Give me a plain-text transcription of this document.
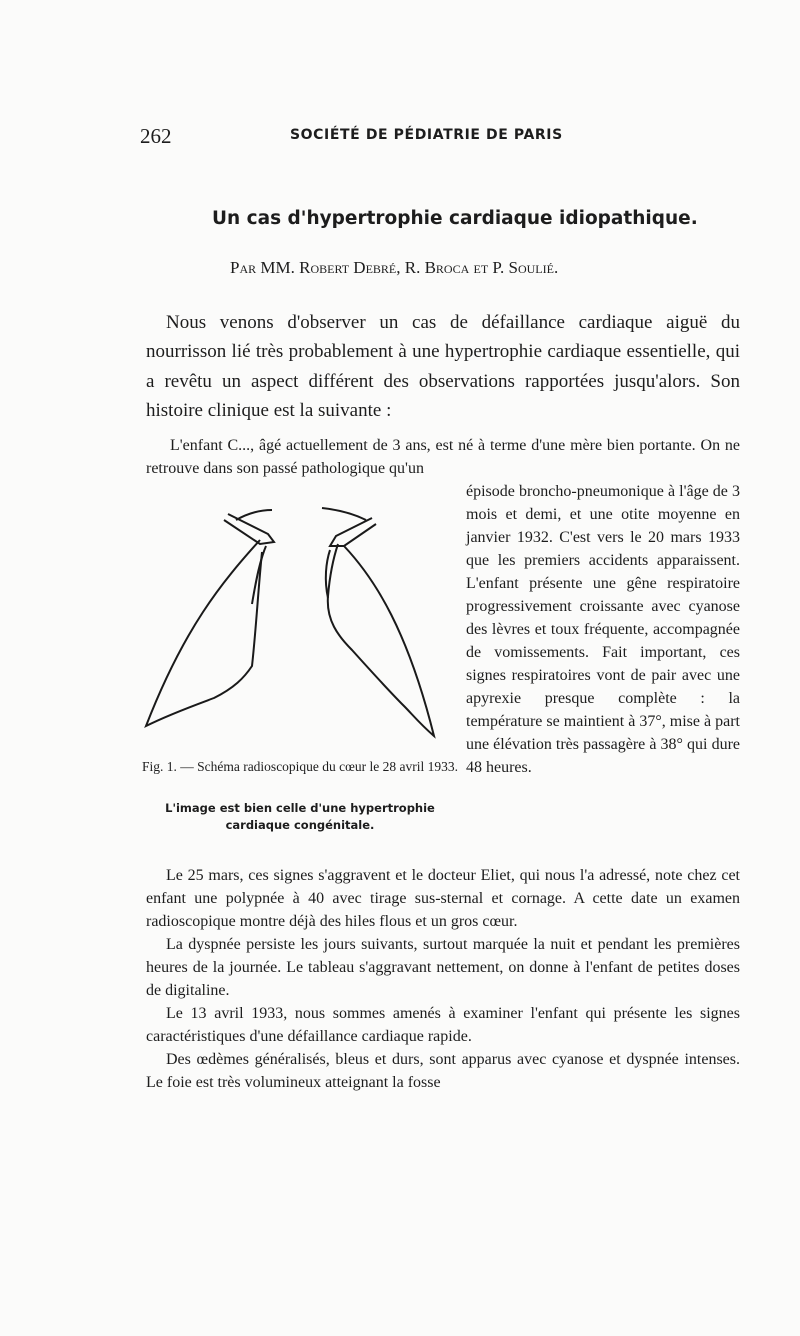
262	SOCIÉTÉ DE PÉDIATRIE DE PARIS
Un cas d'hypertrophie cardiaque idiopathique.
Par MM. Robert Debré, R. Broca et P. Soulié.

Nous venons d'observer un cas de défaillance cardiaque aiguë du nourrisson lié très probablement à une hypertrophie cardiaque essentielle, qui a revêtu un aspect différent des observations rapportées jusqu'alors. Son histoire clinique est la suivante :

L'enfant C..., âgé actuellement de 3 ans, est né à terme d'une mère bien portante. On ne retrouve dans son passé pathologique qu'un

Fig. 1. — Schéma radioscopique du cœur le 28 avril 1933.
L'image est bien celle d'une hypertrophie cardiaque congénitale.

épisode broncho-pneumonique à l'âge de 3 mois et demi, et une otite moyenne en janvier 1932. C'est vers le 20 mars 1933 que les premiers accidents apparaissent. L'enfant présente une gêne respiratoire progressivement croissante avec cyanose des lèvres et toux fréquente, accompagnée de vomissements. Fait important, ces signes respiratoires vont de pair avec une apyrexie presque complète : la température se maintient à 37°, mise à part une élévation très passagère à 38° qui dure 48 heures.

Le 25 mars, ces signes s'aggravent et le docteur Eliet, qui nous l'a adressé, note chez cet enfant une polypnée à 40 avec tirage sus-sternal et cornage. A cette date un examen radioscopique montre déjà des hiles flous et un gros cœur.

La dyspnée persiste les jours suivants, surtout marquée la nuit et pendant les premières heures de la journée. Le tableau s'aggravant nettement, on donne à l'enfant de petites doses de digitaline.

Le 13 avril 1933, nous sommes amenés à examiner l'enfant qui présente les signes caractéristiques d'une défaillance cardiaque rapide.

Des œdèmes généralisés, bleus et durs, sont apparus avec cyanose et dyspnée intenses. Le foie est très volumineux atteignant la fosse
